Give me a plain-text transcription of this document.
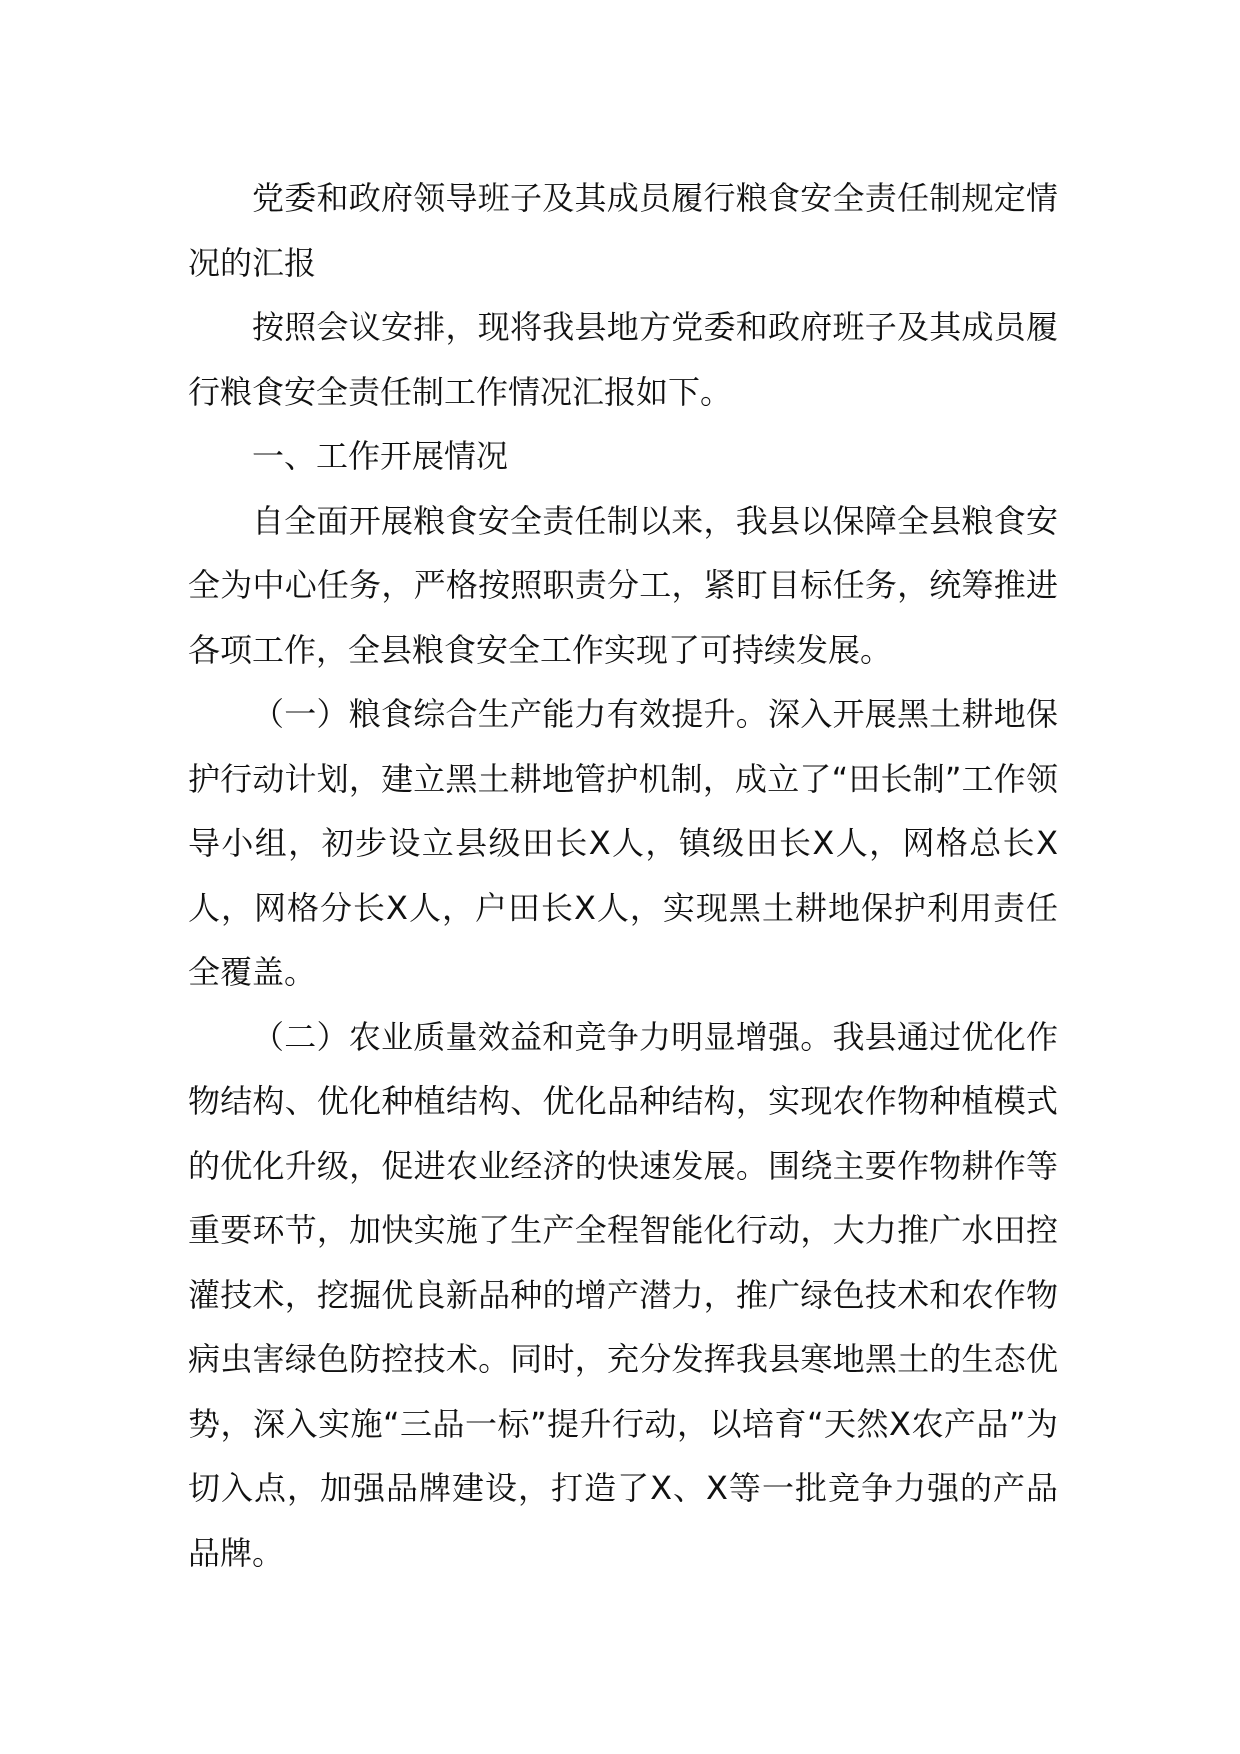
党委和政府领导班子及其成员履行粮食安全责任制规定情况的汇报

按照会议安排，现将我县地方党委和政府班子及其成员履行粮食安全责任制工作情况汇报如下。

一、工作开展情况

自全面开展粮食安全责任制以来，我县以保障全县粮食安全为中心任务，严格按照职责分工，紧盯目标任务，统筹推进各项工作，全县粮食安全工作实现了可持续发展。

（一）粮食综合生产能力有效提升。深入开展黑土耕地保护行动计划，建立黑土耕地管护机制，成立了“田长制”工作领导小组，初步设立县级田长X人，镇级田长X人，网格总长X人，网格分长X人，户田长X人，实现黑土耕地保护利用责任全覆盖。

（二）农业质量效益和竞争力明显增强。我县通过优化作物结构、优化种植结构、优化品种结构，实现农作物种植模式的优化升级，促进农业经济的快速发展。围绕主要作物耕作等重要环节，加快实施了生产全程智能化行动，大力推广水田控灌技术，挖掘优良新品种的增产潜力，推广绿色技术和农作物病虫害绿色防控技术。同时，充分发挥我县寒地黑土的生态优势，深入实施“三品一标”提升行动，以培育“天然X农产品”为切入点，加强品牌建设，打造了X、X等一批竞争力强的产品品牌。
